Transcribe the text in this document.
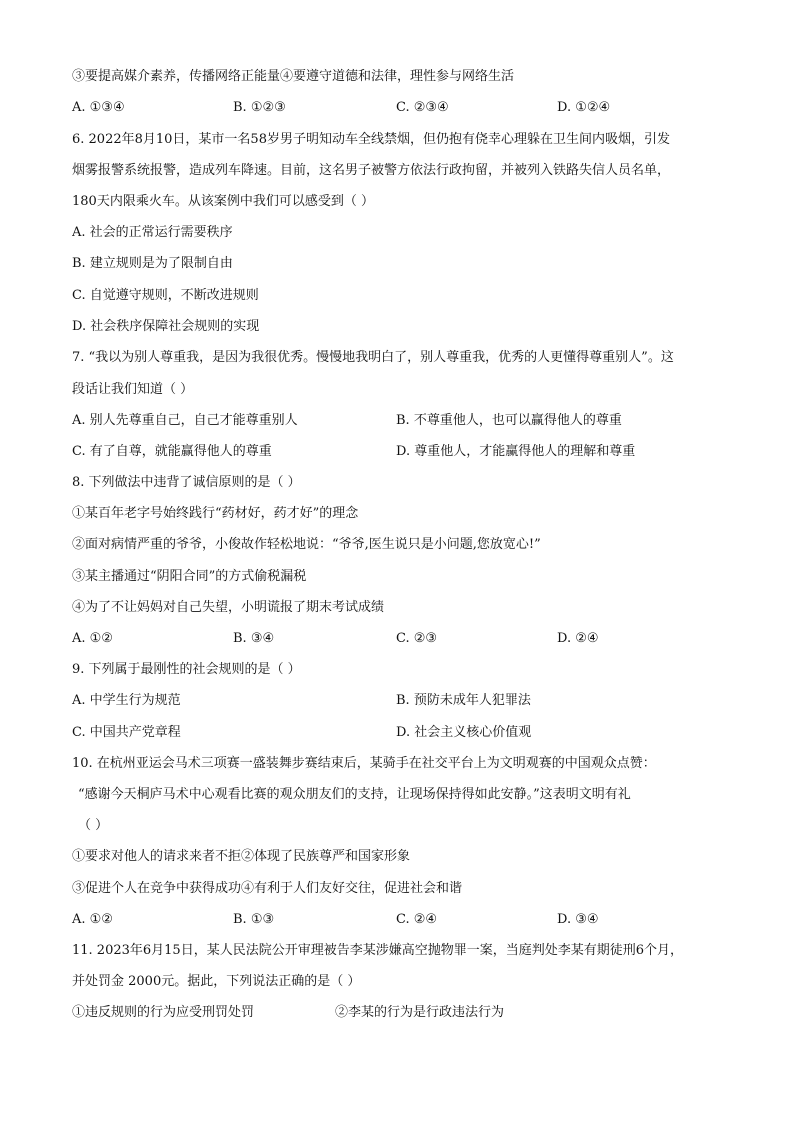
③要提高媒介素养，传播网络正能量④要遵守道德和法律，理性参与网络生活
A. ①③④	B. ①②③	C. ②③④	D. ①②④
6. 2022年8月10日，某市一名58岁男子明知动车全线禁烟，但仍抱有侥幸心理躲在卫生间内吸烟，引发
烟雾报警系统报警，造成列车降速。目前，这名男子被警方依法行政拘留，并被列入铁路失信人员名单，
180天内限乘火车。从该案例中我们可以感受到（ ）
A. 社会的正常运行需要秩序
B. 建立规则是为了限制自由
C. 自觉遵守规则，不断改进规则
D. 社会秩序保障社会规则的实现
7. “我以为别人尊重我，是因为我很优秀。慢慢地我明白了，别人尊重我，优秀的人更懂得尊重别人”。这
段话让我们知道（ ）
A. 别人先尊重自己，自己才能尊重别人	B. 不尊重他人，也可以赢得他人的尊重
C. 有了自尊，就能赢得他人的尊重	D. 尊重他人，才能赢得他人的理解和尊重
8. 下列做法中违背了诚信原则的是（ ）
①某百年老字号始终践行“药材好，药才好”的理念
②面对病情严重的爷爷，小俊故作轻松地说：“爷爷,医生说只是小问题,您放宽心!”
③某主播通过“阴阳合同”的方式偷税漏税
④为了不让妈妈对自己失望，小明谎报了期末考试成绩
A. ①②	B. ③④	C. ②③	D. ②④
9. 下列属于最刚性的社会规则的是（ ）
A. 中学生行为规范	B. 预防未成年人犯罪法
C. 中国共产党章程	D. 社会主义核心价值观
10. 在杭州亚运会马术三项赛一盛装舞步赛结束后，某骑手在社交平台上为文明观赛的中国观众点赞：
“感谢今天桐庐马术中心观看比赛的观众朋友们的支持，让现场保持得如此安静。”这表明文明有礼
（ ）
①要求对他人的请求来者不拒②体现了民族尊严和国家形象
③促进个人在竞争中获得成功④有利于人们友好交往，促进社会和谐
A. ①②	B. ①③	C. ②④	D. ③④
11. 2023年6月15日，某人民法院公开审理被告李某涉嫌高空抛物罪一案，当庭判处李某有期徒刑6个月，
并处罚金 2000元。据此，下列说法正确的是（ ）
①违反规则的行为应受刑罚处罚	②李某的行为是行政违法行为
